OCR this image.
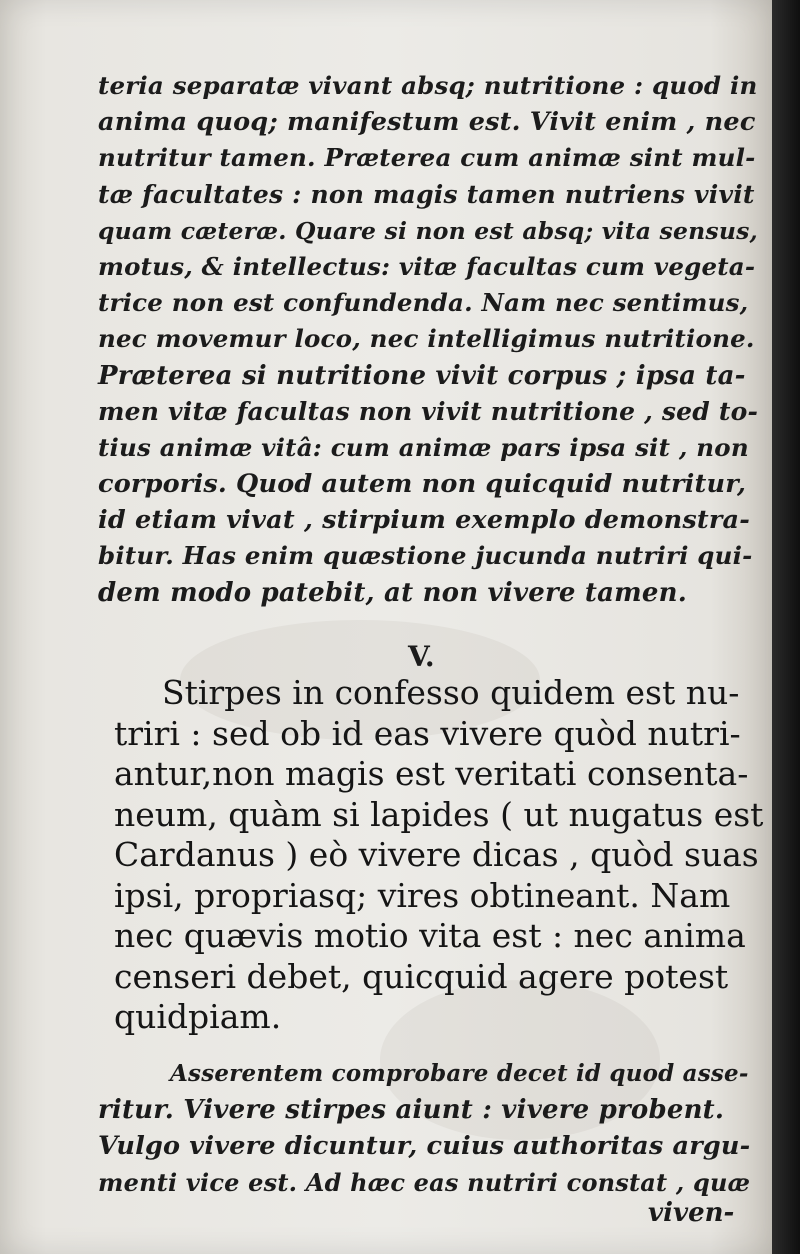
teria separatæ vivant absq; nutritione : quod in
anima quoq; manifestum est. Vivit enim , nec
nutritur tamen. Præterea cum animæ sint mul-
tæ facultates : non magis tamen nutriens vivit
quam cæteræ. Quare si non est absq; vita sensus,
motus, & intellectus: vitæ facultas cum vegeta-
trice non est confundenda. Nam nec sentimus,
nec movemur loco, nec intelligimus nutritione.
Præterea si nutritione vivit corpus ; ipsa ta-
men vitæ facultas non vivit nutritione , sed to-
tius animæ vitâ: cum animæ pars ipsa sit , non
corporis. Quod autem non quicquid nutritur,
id etiam vivat , stirpium exemplo demonstra-
bitur. Has enim quæstione jucunda nutriri qui-
dem modo patebit, at non vivere tamen.
V.
Stirpes in confesso quidem est nu-
triri : sed ob id eas vivere quòd nutri-
antur,non magis est veritati consenta-
neum, quàm si lapides ( ut nugatus est
Cardanus ) eò vivere dicas , quòd suas
ipsi, propriasq; vires obtineant. Nam
nec quævis motio vita est : nec anima
censeri debet, quicquid agere potest
quidpiam.
Asserentem comprobare decet id quod asse-
ritur. Vivere stirpes aiunt : vivere probent.
Vulgo vivere dicuntur, cuius authoritas argu-
menti vice est. Ad hæc eas nutriri constat , quæ
viven-
